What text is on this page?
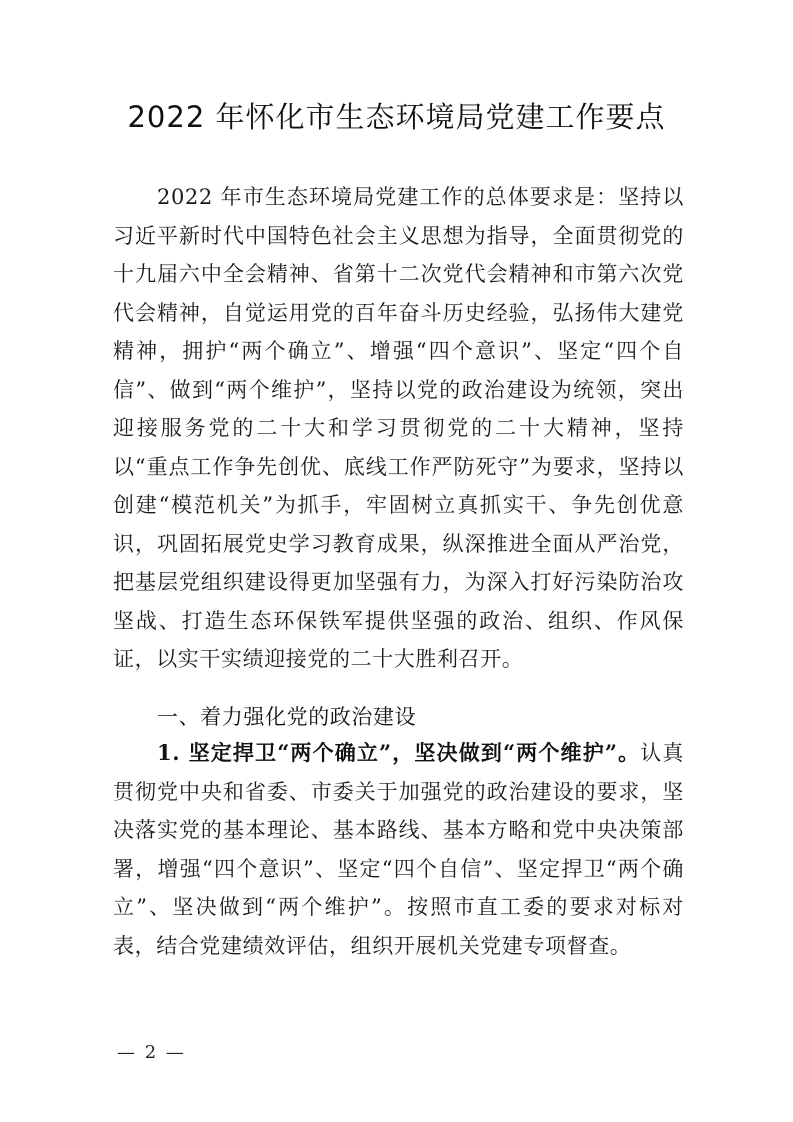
2022 年怀化市生态环境局党建工作要点

2022 年市生态环境局党建工作的总体要求是：坚持以习近平新时代中国特色社会主义思想为指导，全面贯彻党的十九届六中全会精神、省第十二次党代会精神和市第六次党代会精神，自觉运用党的百年奋斗历史经验，弘扬伟大建党精神，拥护“两个确立”、增强“四个意识”、坚定“四个自信”、做到“两个维护”，坚持以党的政治建设为统领，突出迎接服务党的二十大和学习贯彻党的二十大精神，坚持以“重点工作争先创优、底线工作严防死守”为要求，坚持以创建“模范机关”为抓手，牢固树立真抓实干、争先创优意识，巩固拓展党史学习教育成果，纵深推进全面从严治党，把基层党组织建设得更加坚强有力，为深入打好污染防治攻坚战、打造生态环保铁军提供坚强的政治、组织、作风保证，以实干实绩迎接党的二十大胜利召开。

一、着力强化党的政治建设

1. 坚定捍卫“两个确立”，坚决做到“两个维护”。认真贯彻党中央和省委、市委关于加强党的政治建设的要求，坚决落实党的基本理论、基本路线、基本方略和党中央决策部署，增强“四个意识”、坚定“四个自信”、坚定捍卫“两个确立”、坚决做到“两个维护”。按照市直工委的要求对标对表，结合党建绩效评估，组织开展机关党建专项督查。

— 2 —
